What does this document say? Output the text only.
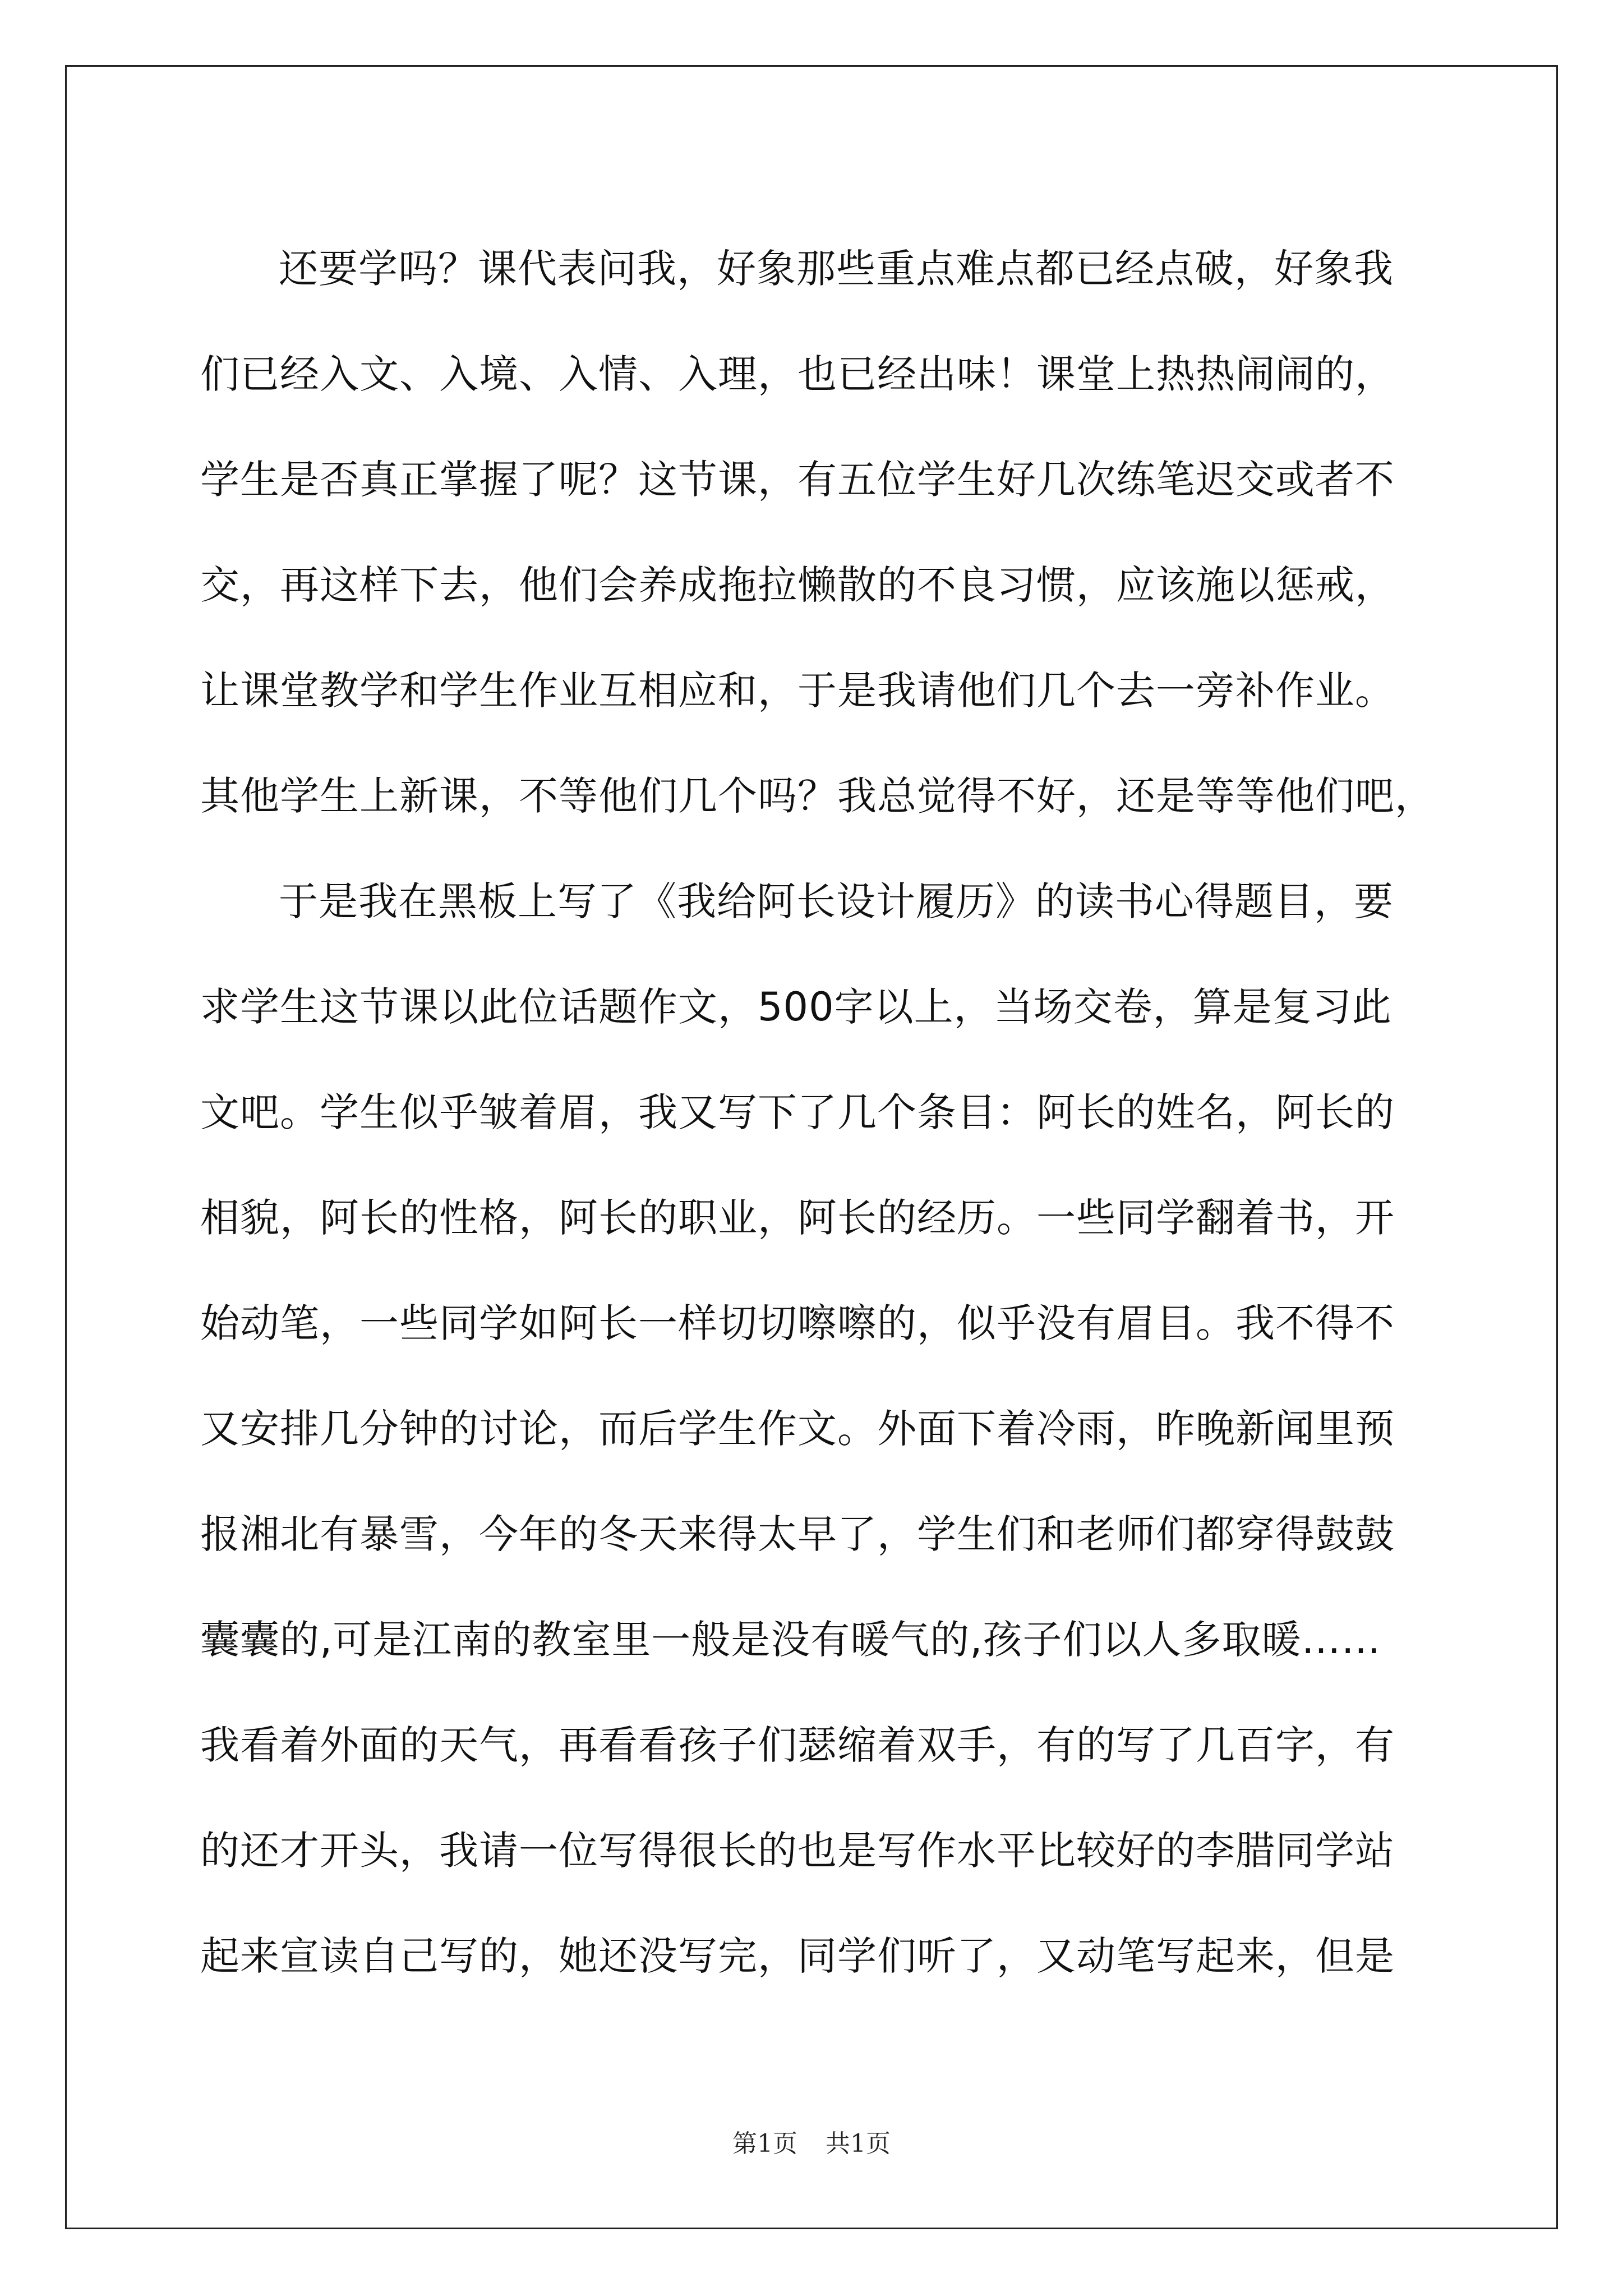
还要学吗？课代表问我，好象那些重点难点都已经点破，好象我
们已经入文、入境、入情、入理，也已经出味！课堂上热热闹闹的，
学生是否真正掌握了呢？这节课，有五位学生好几次练笔迟交或者不
交，再这样下去，他们会养成拖拉懒散的不良习惯，应该施以惩戒，
让课堂教学和学生作业互相应和，于是我请他们几个去一旁补作业。
其他学生上新课，不等他们几个吗？我总觉得不好，还是等等他们吧，
于是我在黑板上写了《我给阿长设计履历》的读书心得题目，要
求学生这节课以此位话题作文，500字以上，当场交卷，算是复习此
文吧。学生似乎皱着眉，我又写下了几个条目：阿长的姓名，阿长的
相貌，阿长的性格，阿长的职业，阿长的经历。一些同学翻着书，开
始动笔，一些同学如阿长一样切切嚓嚓的，似乎没有眉目。我不得不
又安排几分钟的讨论，而后学生作文。外面下着冷雨，昨晚新闻里预
报湘北有暴雪，今年的冬天来得太早了，学生们和老师们都穿得鼓鼓
囊囊的,可是江南的教室里一般是没有暖气的,孩子们以人多取暖……
我看着外面的天气，再看看孩子们瑟缩着双手，有的写了几百字，有
的还才开头，我请一位写得很长的也是写作水平比较好的李腊同学站
起来宣读自己写的，她还没写完，同学们听了，又动笔写起来，但是
第1页 共1页
